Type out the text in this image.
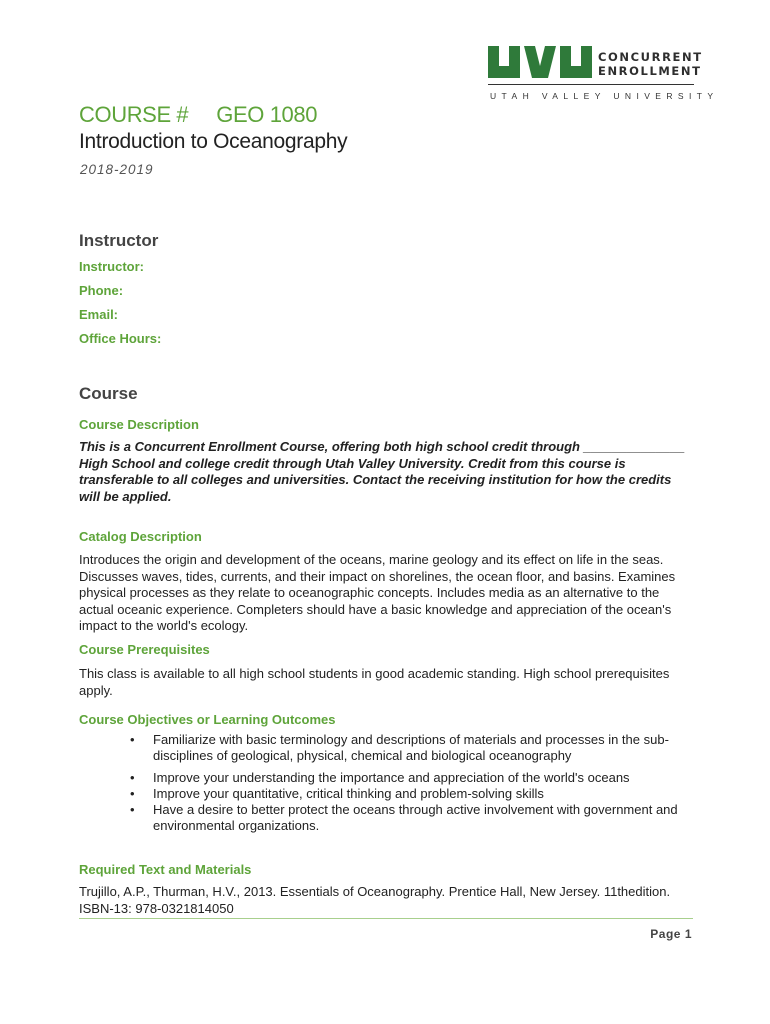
CONCURRENT
ENROLLMENT
UTAH VALLEY UNIVERSITY
COURSE # GEO 1080
Introduction to Oceanography
2018-2019
Instructor
Instructor:
Phone:
Email:
Office Hours:
Course
Course Description
This is a Concurrent Enrollment Course, offering both high school credit through ______________ High School and college credit through Utah Valley University. Credit from this course is transferable to all colleges and universities. Contact the receiving institution for how the credits will be applied.
Catalog Description
Introduces the origin and development of the oceans, marine geology and its effect on life in the seas. Discusses waves, tides, currents, and their impact on shorelines, the ocean floor, and basins. Examines physical processes as they relate to oceanographic concepts. Includes media as an alternative to the actual oceanic experience. Completers should have a basic knowledge and appreciation of the ocean's impact to the world's ecology.
Course Prerequisites
This class is available to all high school students in good academic standing. High school prerequisites apply.
Course Objectives or Learning Outcomes
• Familiarize with basic terminology and descriptions of materials and processes in the sub-disciplines of geological, physical, chemical and biological oceanography
• Improve your understanding the importance and appreciation of the world's oceans
• Improve your quantitative, critical thinking and problem-solving skills
• Have a desire to better protect the oceans through active involvement with government and environmental organizations.
Required Text and Materials
Trujillo, A.P., Thurman, H.V., 2013. Essentials of Oceanography. Prentice Hall, New Jersey. 11thedition. ISBN-13: 978-0321814050
Page 1
